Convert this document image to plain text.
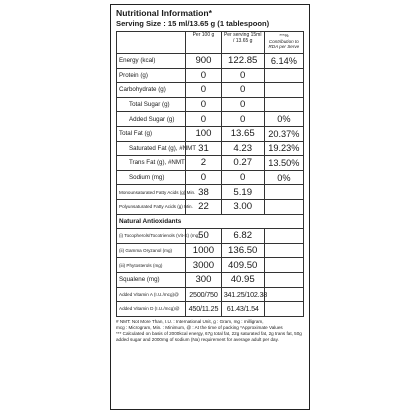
Nutritional Information*
Serving Size : 15 ml/13.65 g (1 tablespoon)
	Per 100 g	Per serving 15ml / 13.65 g	***% Contribution to RDA per Serve
Energy (kcal)	900	122.85	6.14%
Protein (g)	0	0	
Carbohydrate (g)	0	0	
Total Sugar (g)	0	0	
Added Sugar (g)	0	0	0%
Total Fat (g)	100	13.65	20.37%
Saturated Fat (g), #NMT	31	4.23	19.23%
Trans Fat (g), #NMT	2	0.27	13.50%
Sodium (mg)	0	0	0%
Monounsaturated Fatty Acids (g) Min.	38	5.19	
Polyunsaturated Fatty Acids (g) Min.	22	3.00	
Natural Antioxidants			
(i) Tocopherols/Tocotrienols (Vit-E) (mg)	50	6.82	
(ii) Gamma Oryzanol (mg)	1000	136.50	
(iii) Phytosterols (mg)	3000	409.50	
Squalene (mg)	300	40.95	
Added Vitamin A (I.U./mcg)@	2500/750	341.25/102.38	
Added Vitamin D (I.U./mcg)@	450/11.25	61.43/1.54	
# NMT: Not More Than, I.U. : International Unit, g : Gram, mg : milligram,
mcg : Microgram, Min. : Minimum, @ : At the time of packing *Approximate Values
*** Calculated on basis of 2000kcal energy, 67g total fat, 22g saturated fat, 2g trans fat, 50g
added sugar and 2000mg of sodium (Na) requirement for average adult per day.
